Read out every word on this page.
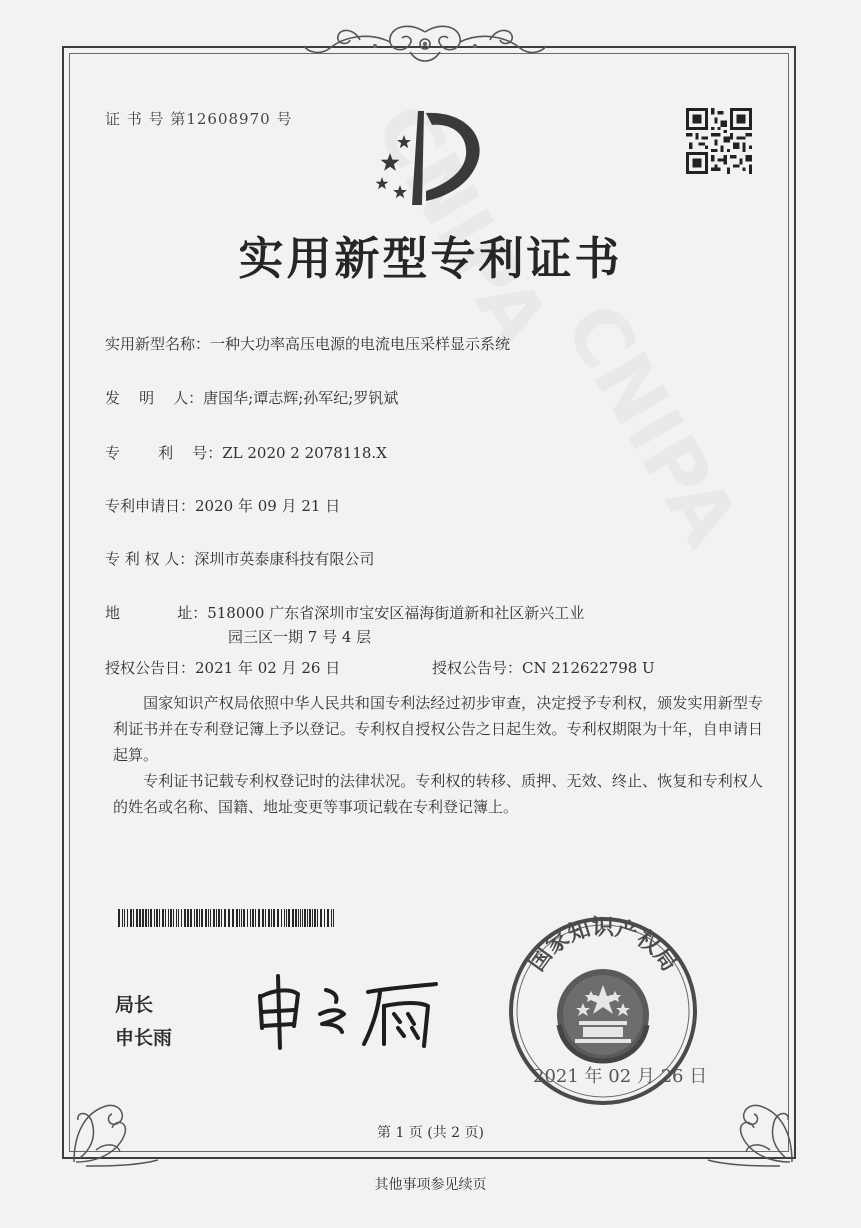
证 书 号 第12608970 号
实用新型专利证书
实用新型名称：一种大功率高压电源的电流电压采样显示系统
发    明    人：唐国华;谭志辉;孙军纪;罗钒斌
专        利    号：ZL 2020 2 2078118.X
专利申请日：2020 年 09 月 21 日
专 利 权 人：深圳市英泰康科技有限公司
地            址：518000 广东省深圳市宝安区福海街道新和社区新兴工业
园三区一期 7 号 4 层
授权公告日：2021 年 02 月 26 日	授权公告号：CN 212622798 U
  国家知识产权局依照中华人民共和国专利法经过初步审查，决定授予专利权，颁发实用新型专利证书并在专利登记簿上予以登记。专利权自授权公告之日起生效。专利权期限为十年，自申请日起算。
  专利证书记载专利权登记时的法律状况。专利权的转移、质押、无效、终止、恢复和专利权人的姓名或名称、国籍、地址变更等事项记载在专利登记簿上。
局长
申长雨
国家知识产权局
2021 年 02 月 26 日
第 1 页 (共 2 页)
其他事项参见续页
